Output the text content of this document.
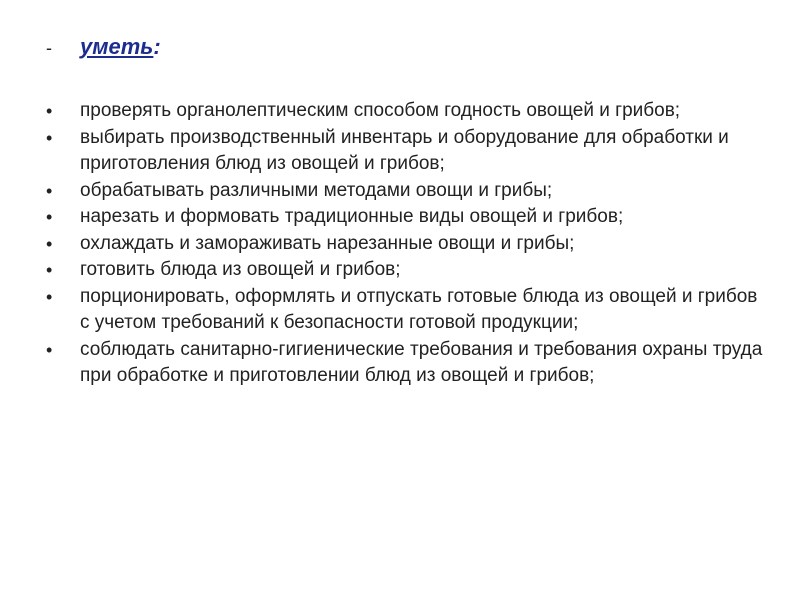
-	уметь:
•	проверять органолептическим способом годность овощей и грибов;
•	выбирать производственный инвентарь и оборудование для обработки и приготовления блюд из овощей и грибов;
•	обрабатывать различными методами овощи и грибы;
•	нарезать и формовать традиционные виды овощей и грибов;
•	охлаждать и замораживать нарезанные овощи и грибы;
•	готовить блюда из овощей и грибов;
•	порционировать, оформлять и отпускать готовые блюда из овощей и грибов с учетом требований к безопасности готовой продукции;
•	соблюдать санитарно-гигиенические требования и требования охраны труда при обработке и приготовлении блюд из овощей и грибов;
